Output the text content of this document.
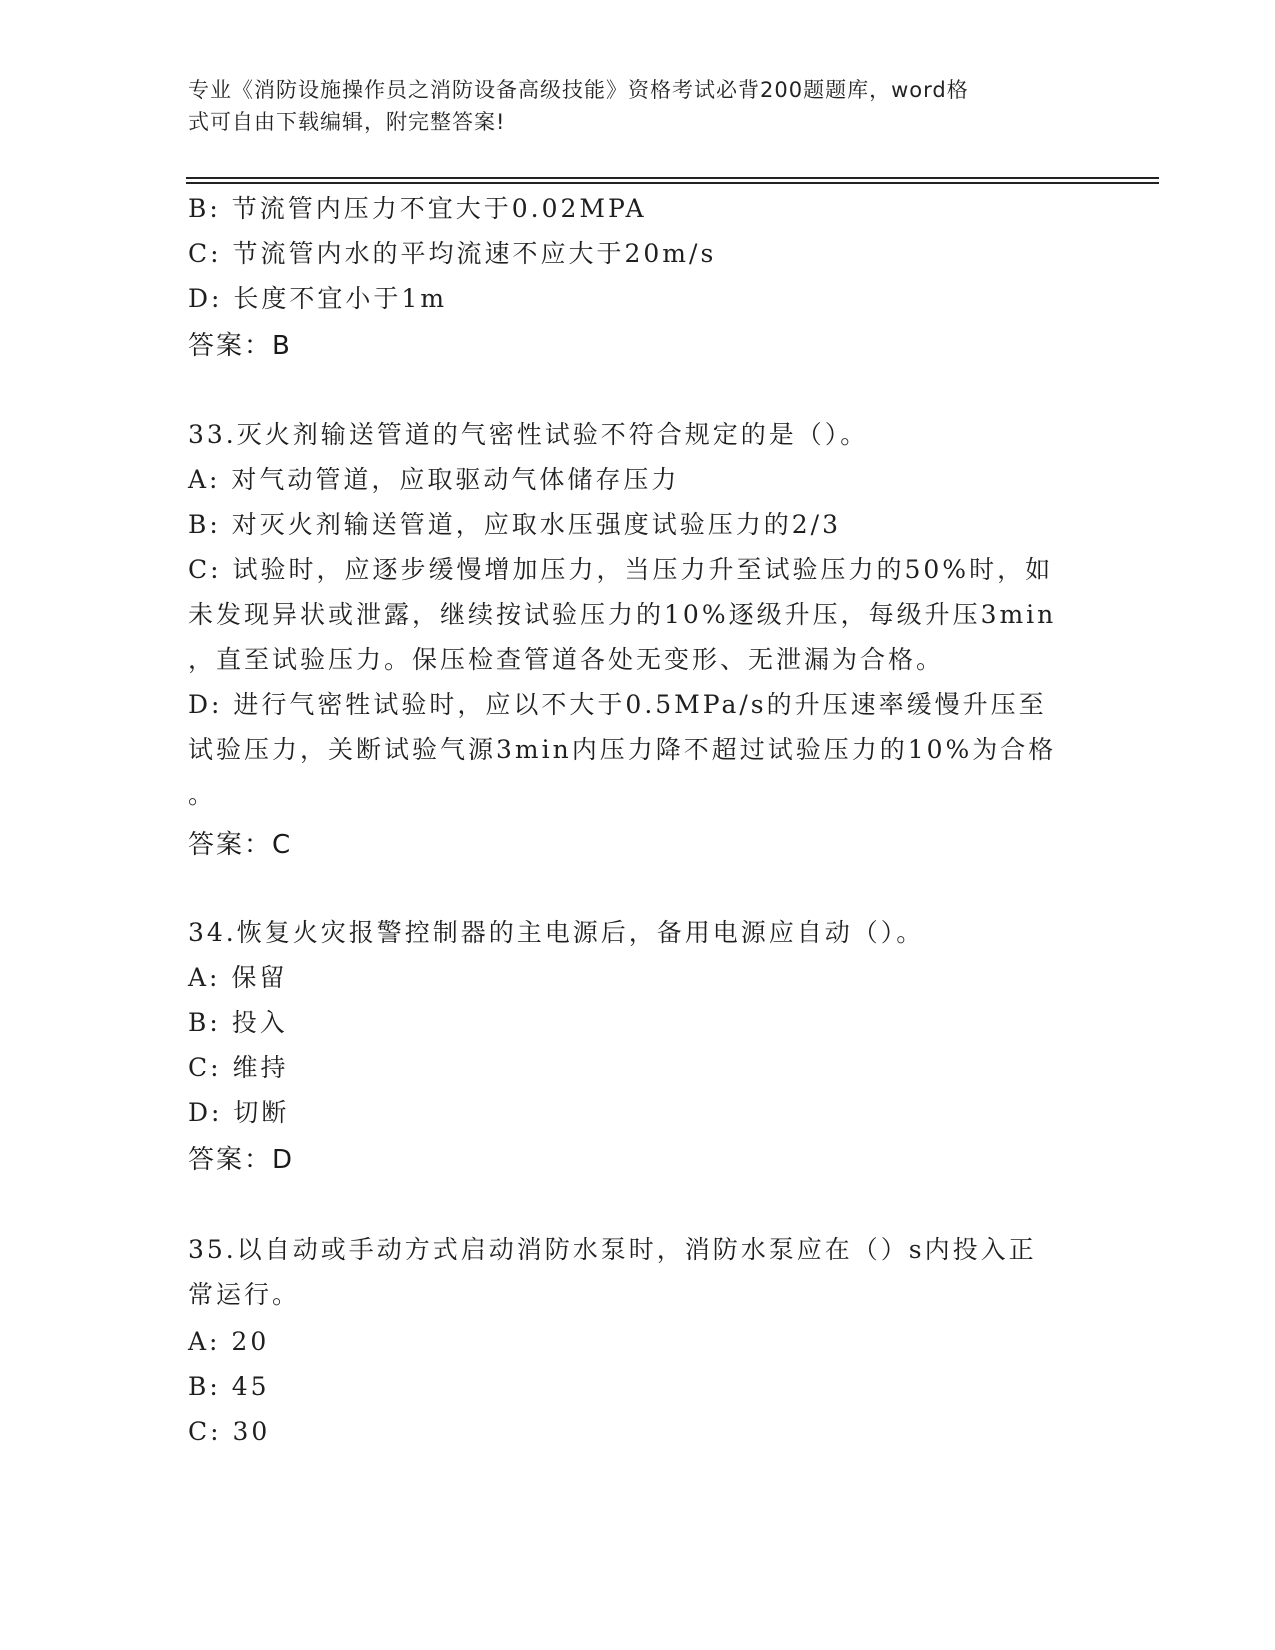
专业《消防设施操作员之消防设备高级技能》资格考试必背200题题库，word格
式可自由下载编辑，附完整答案!
B: 节流管内压力不宜大于0.02MPA
C: 节流管内水的平均流速不应大于20m/s
D: 长度不宜小于1m
答案：B
33.灭火剂输送管道的气密性试验不符合规定的是（）。
A: 对气动管道，应取驱动气体储存压力
B: 对灭火剂输送管道，应取水压强度试验压力的2/3
C: 试验时，应逐步缓慢增加压力，当压力升至试验压力的50%时，如
未发现异状或泄露，继续按试验压力的10%逐级升压，每级升压3min
，直至试验压力。保压检查管道各处无变形、无泄漏为合格。
D: 进行气密牲试验时，应以不大于0.5MPa/s的升压速率缓慢升压至
试验压力，关断试验气源3min内压力降不超过试验压力的10%为合格
。
答案：C
34.恢复火灾报警控制器的主电源后，备用电源应自动（）。
A: 保留
B: 投入
C: 维持
D: 切断
答案：D
35.以自动或手动方式启动消防水泵时，消防水泵应在（）s内投入正
常运行。
A: 20
B: 45
C: 30
